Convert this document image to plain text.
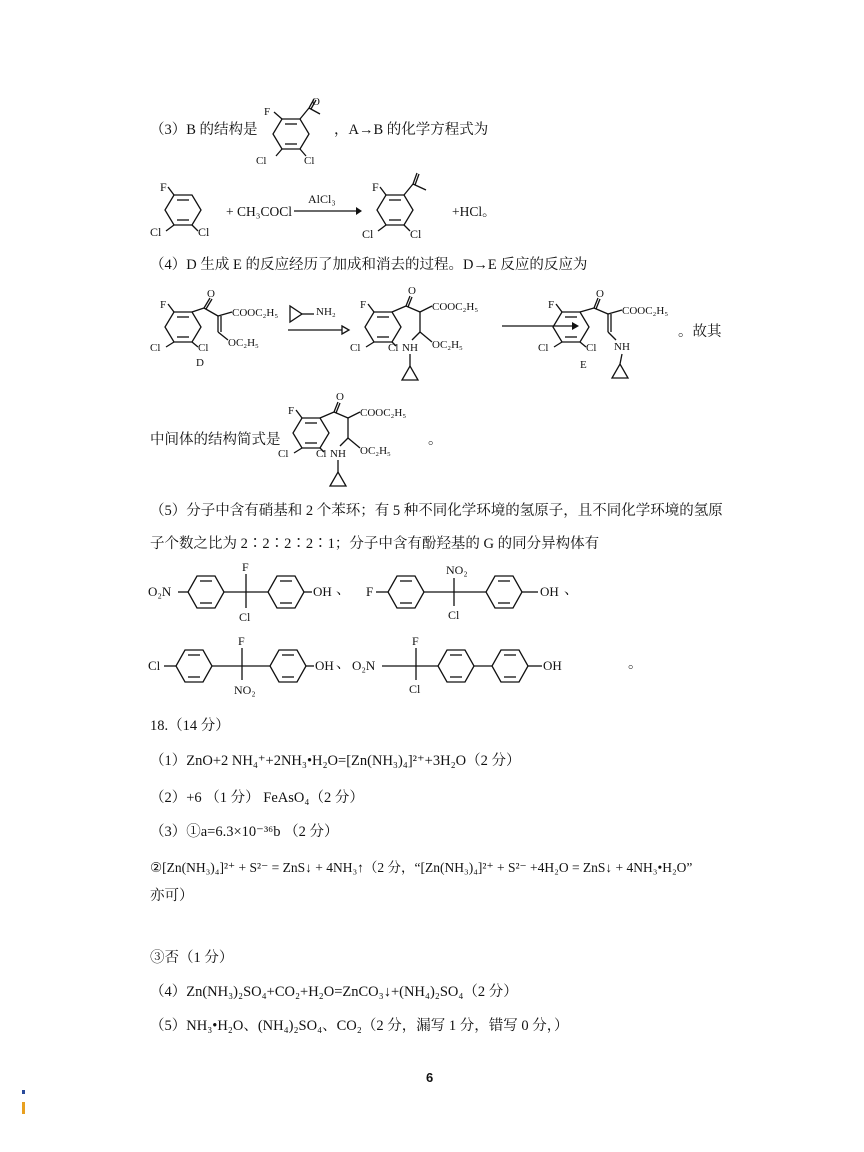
（3）B 的结构是
O
F
Cl	Cl
，A→B 的化学方程式为
F
Cl	Cl
+ CH₃COCl
AlCl₃
F
Cl	Cl
+HCl。
（4）D 生成 E 的反应经历了加成和消去的过程。D→E 反应的反应为
O
COOC₂H₅
OC₂H₅
F
Cl	Cl
D
NH₂
O
COOC₂H₅
OC₂H₅
NH
F
Cl	Cl
O
COOC₂H₅
NH
F
Cl	Cl
E
。故其
中间体的结构简式是
O
COOC₂H₅
OC₂H₅
NH
F
Cl	Cl
。
（5）分子中含有硝基和 2 个苯环；有 5 种不同化学环境的氢原子，且不同化学环境的氢原
子个数之比为 2∶2∶2∶2∶1；分子中含有酚羟基的 G 的同分异构体有
O₂N
F
Cl
OH 、 F
NO₂
Cl
OH 、
Cl
F
NO₂
OH 、 O₂N
F
Cl
OH	。
18.（14 分）
（1）ZnO+2 NH₄⁺+2NH₃•H₂O=[Zn(NH₃)₄]²⁺+3H₂O（2 分）
（2）+6 （1 分） FeAsO₄（2 分）
（3）①a=6.3×10⁻³⁶b （2 分）
②[Zn(NH₃)₄]²⁺ + S²⁻ = ZnS↓ + 4NH₃↑（2 分，“[Zn(NH₃)₄]²⁺ + S²⁻ +4H₂O = ZnS↓ + 4NH₃•H₂O”
亦可）
③否（1 分）
（4）Zn(NH₃)₂SO₄+CO₂+H₂O=ZnCO₃↓+(NH₄)₂SO₄（2 分）
（5）NH₃•H₂O、(NH₄)₂SO₄、CO₂（2 分，漏写 1 分，错写 0 分，）
6
